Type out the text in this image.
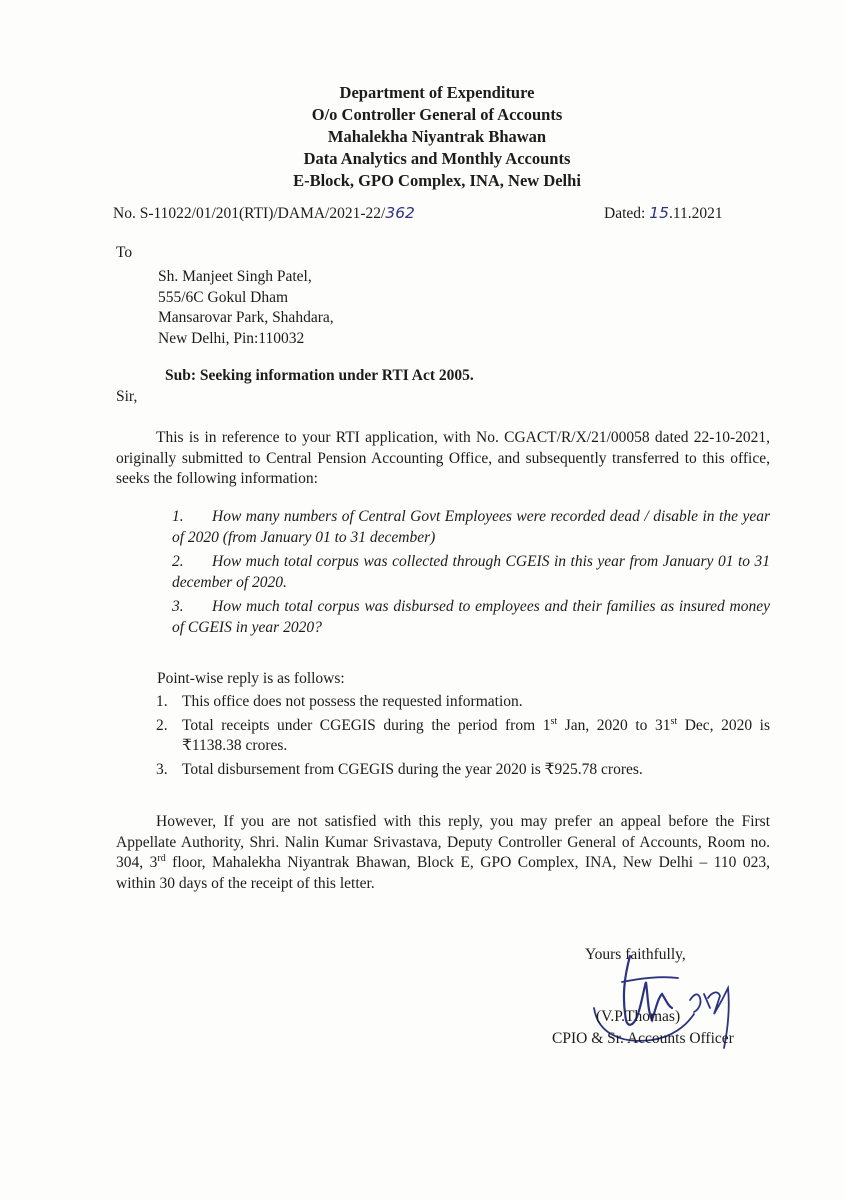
Department of Expenditure
O/o Controller General of Accounts
Mahalekha Niyantrak Bhawan
Data Analytics and Monthly Accounts
E-Block, GPO Complex, INA, New Delhi
No. S-11022/01/201(RTI)/DAMA/2021-22/362	Dated: 15.11.2021
To
Sh. Manjeet Singh Patel,
555/6C Gokul Dham
Mansarovar Park, Shahdara,
New Delhi, Pin:110032
Sub: Seeking information under RTI Act 2005.
Sir,
This is in reference to your RTI application, with No. CGACT/R/X/21/00058 dated 22-10-2021, originally submitted to Central Pension Accounting Office, and subsequently transferred to this office, seeks the following information:
1. How many numbers of Central Govt Employees were recorded dead / disable in the year of 2020 (from January 01 to 31 december)
2. How much total corpus was collected through CGEIS in this year from January 01 to 31 december of 2020.
3. How much total corpus was disbursed to employees and their families as insured money of CGEIS in year 2020?
Point-wise reply is as follows:
1. This office does not possess the requested information.
2. Total receipts under CGEGIS during the period from 1st Jan, 2020 to 31st Dec, 2020 is ₹1138.38 crores.
3. Total disbursement from CGEGIS during the year 2020 is ₹925.78 crores.
However, If you are not satisfied with this reply, you may prefer an appeal before the First Appellate Authority, Shri. Nalin Kumar Srivastava, Deputy Controller General of Accounts, Room no. 304, 3rd floor, Mahalekha Niyantrak Bhawan, Block E, GPO Complex, INA, New Delhi – 110 023, within 30 days of the receipt of this letter.
Yours faithfully,
(V.P.Thomas)
CPIO & Sr. Accounts Officer
